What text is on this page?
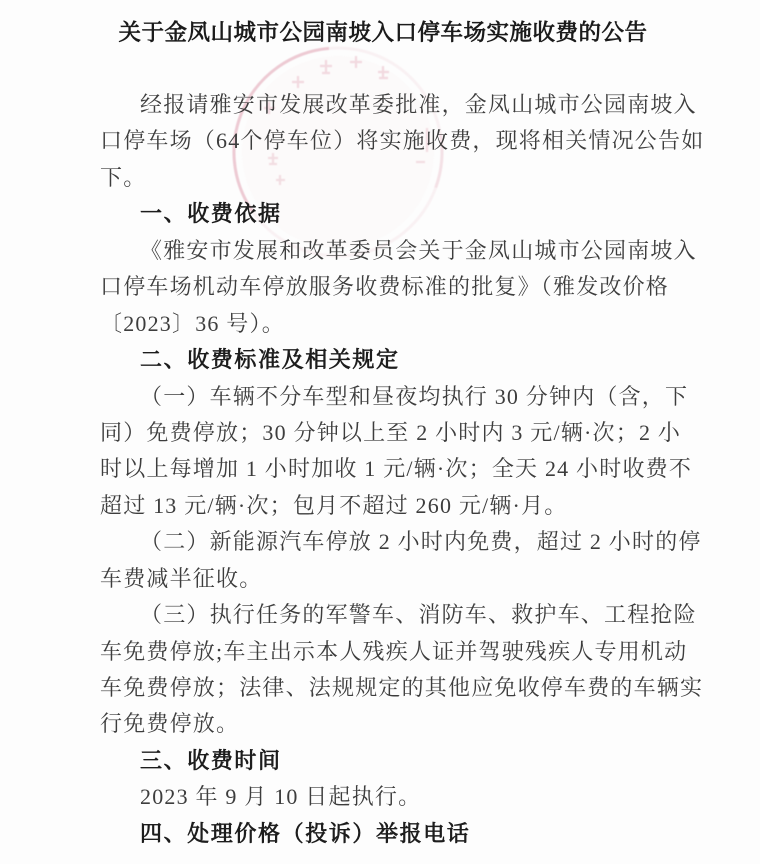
关于金凤山城市公园南坡入口停车场实施收费的公告
经报请雅安市发展改革委批准，金凤山城市公园南坡入
口停车场（64个停车位）将实施收费，现将相关情况公告如
下。
一、收费依据
《雅安市发展和改革委员会关于金凤山城市公园南坡入
口停车场机动车停放服务收费标准的批复》（雅发改价格
〔2023〕36 号）。
二、收费标准及相关规定
（一）车辆不分车型和昼夜均执行 30 分钟内（含，下
同）免费停放；30 分钟以上至 2 小时内 3 元/辆·次；2 小
时以上每增加 1 小时加收 1 元/辆·次；全天 24 小时收费不
超过 13 元/辆·次；包月不超过 260 元/辆·月。
（二）新能源汽车停放 2 小时内免费，超过 2 小时的停
车费减半征收。
（三）执行任务的军警车、消防车、救护车、工程抢险
车免费停放;车主出示本人残疾人证并驾驶残疾人专用机动
车免费停放；法律、法规规定的其他应免收停车费的车辆实
行免费停放。
三、收费时间
2023 年 9 月 10 日起执行。
四、处理价格（投诉）举报电话
